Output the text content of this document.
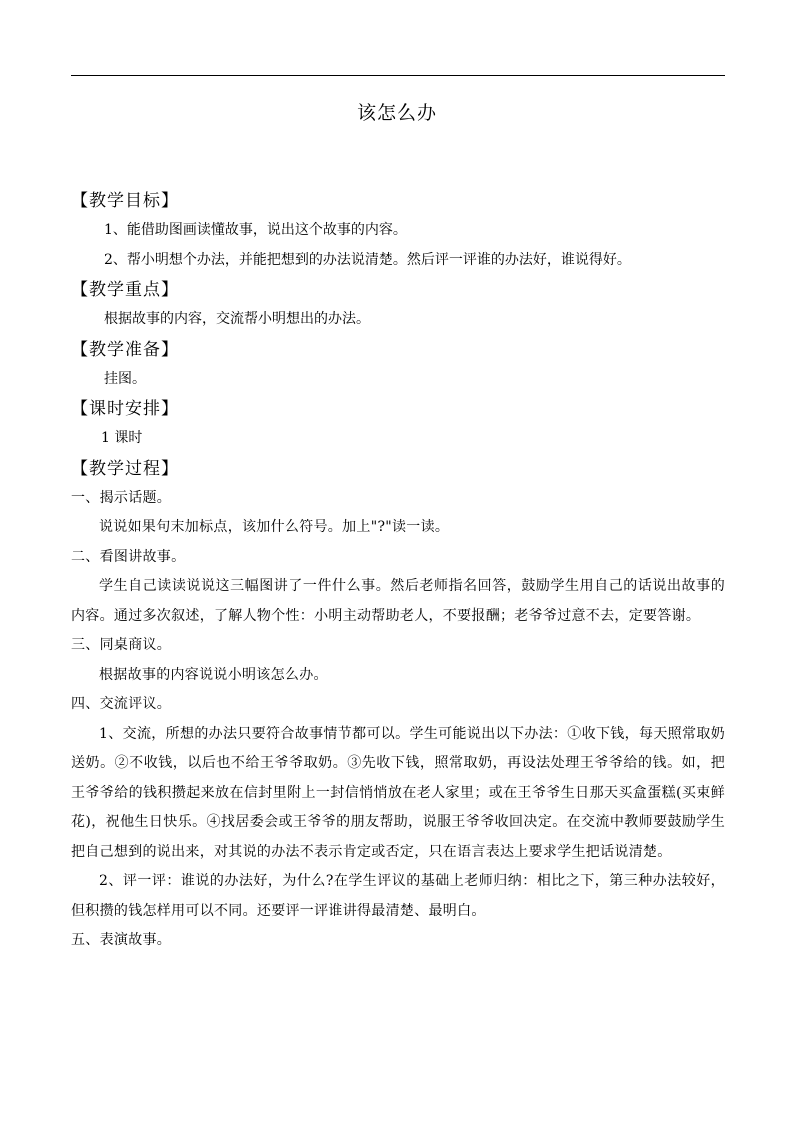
该怎么办
【教学目标】
1、能借助图画读懂故事，说出这个故事的内容。
2、帮小明想个办法，并能把想到的办法说清楚。然后评一评谁的办法好，谁说得好。
【教学重点】
根据故事的内容，交流帮小明想出的办法。
【教学准备】
挂图。
【课时安排】
1 课时
【教学过程】

一、揭示话题。

说说如果句末加标点，该加什么符号。加上"?"读一读。

二、看图讲故事。

学生自己读读说说这三幅图讲了一件什么事。然后老师指名回答，鼓励学生用自己的话说出故事的内容。通过多次叙述，了解人物个性：小明主动帮助老人，不要报酬；老爷爷过意不去，定要答谢。

三、同桌商议。

根据故事的内容说说小明该怎么办。

四、交流评议。

1、交流，所想的办法只要符合故事情节都可以。学生可能说出以下办法：①收下钱，每天照常取奶送奶。②不收钱，以后也不给王爷爷取奶。③先收下钱，照常取奶，再设法处理王爷爷给的钱。如，把王爷爷给的钱积攒起来放在信封里附上一封信悄悄放在老人家里；或在王爷爷生日那天买盒蛋糕(买束鲜花)，祝他生日快乐。④找居委会或王爷爷的朋友帮助，说服王爷爷收回决定。在交流中教师要鼓励学生把自己想到的说出来，对其说的办法不表示肯定或否定，只在语言表达上要求学生把话说清楚。

2、评一评：谁说的办法好，为什么?在学生评议的基础上老师归纳：相比之下，第三种办法较好，但积攒的钱怎样用可以不同。还要评一评谁讲得最清楚、最明白。

五、表演故事。
